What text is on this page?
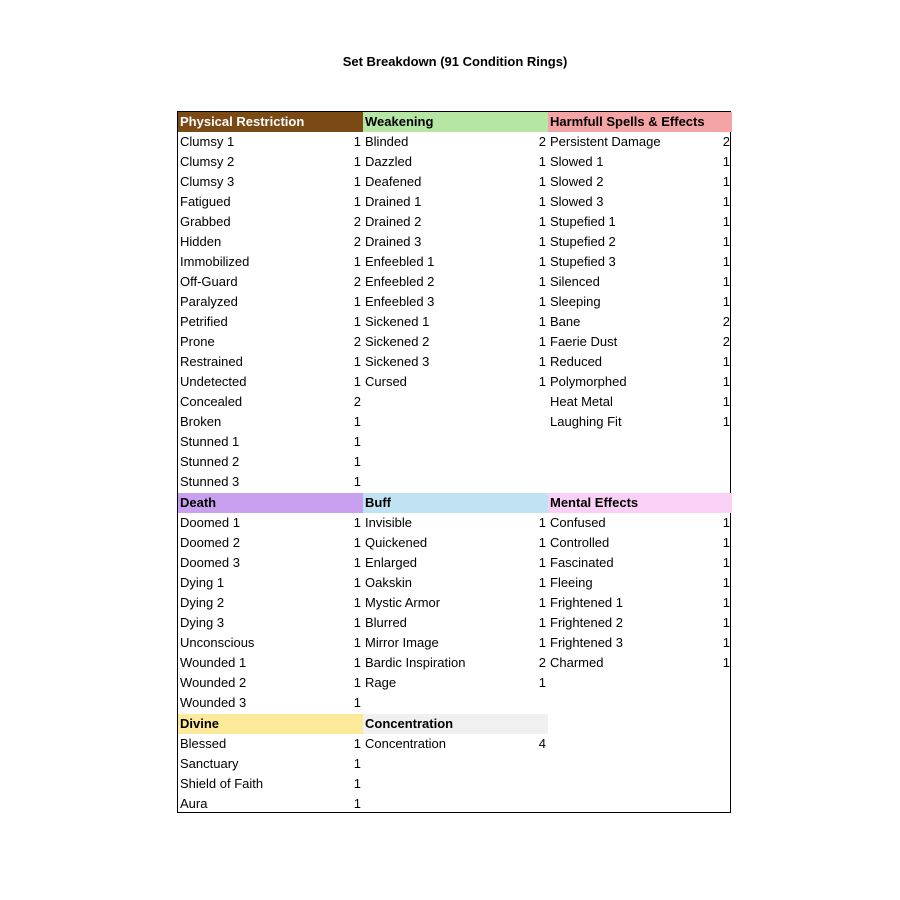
Set Breakdown (91 Condition Rings)
Physical Restriction
Clumsy 1	1
Clumsy 2	1
Clumsy 3	1
Fatigued	1
Grabbed	2
Hidden	2
Immobilized	1
Off-Guard	2
Paralyzed	1
Petrified	1
Prone	2
Restrained	1
Undetected	1
Concealed	2
Broken	1
Stunned 1	1
Stunned 2	1
Stunned 3	1
Death
Doomed 1	1
Doomed 2	1
Doomed 3	1
Dying 1	1
Dying 2	1
Dying 3	1
Unconscious	1
Wounded 1	1
Wounded 2	1
Wounded 3	1
Divine
Blessed	1
Sanctuary	1
Shield of Faith	1
Aura	1
Weakening
Blinded	2
Dazzled	1
Deafened	1
Drained 1	1
Drained 2	1
Drained 3	1
Enfeebled 1	1
Enfeebled 2	1
Enfeebled 3	1
Sickened 1	1
Sickened 2	1
Sickened 3	1
Cursed	1
Buff
Invisible	1
Quickened	1
Enlarged	1
Oakskin	1
Mystic Armor	1
Blurred	1
Mirror Image	1
Bardic Inspiration	2
Rage	1
Concentration
Concentration	4
Harmfull Spells & Effects
Persistent Damage	2
Slowed 1	1
Slowed 2	1
Slowed 3	1
Stupefied 1	1
Stupefied 2	1
Stupefied 3	1
Silenced	1
Sleeping	1
Bane	2
Faerie Dust	2
Reduced	1
Polymorphed	1
Heat Metal	1
Laughing Fit	1
Mental Effects
Confused	1
Controlled	1
Fascinated	1
Fleeing	1
Frightened 1	1
Frightened 2	1
Frightened 3	1
Charmed	1
